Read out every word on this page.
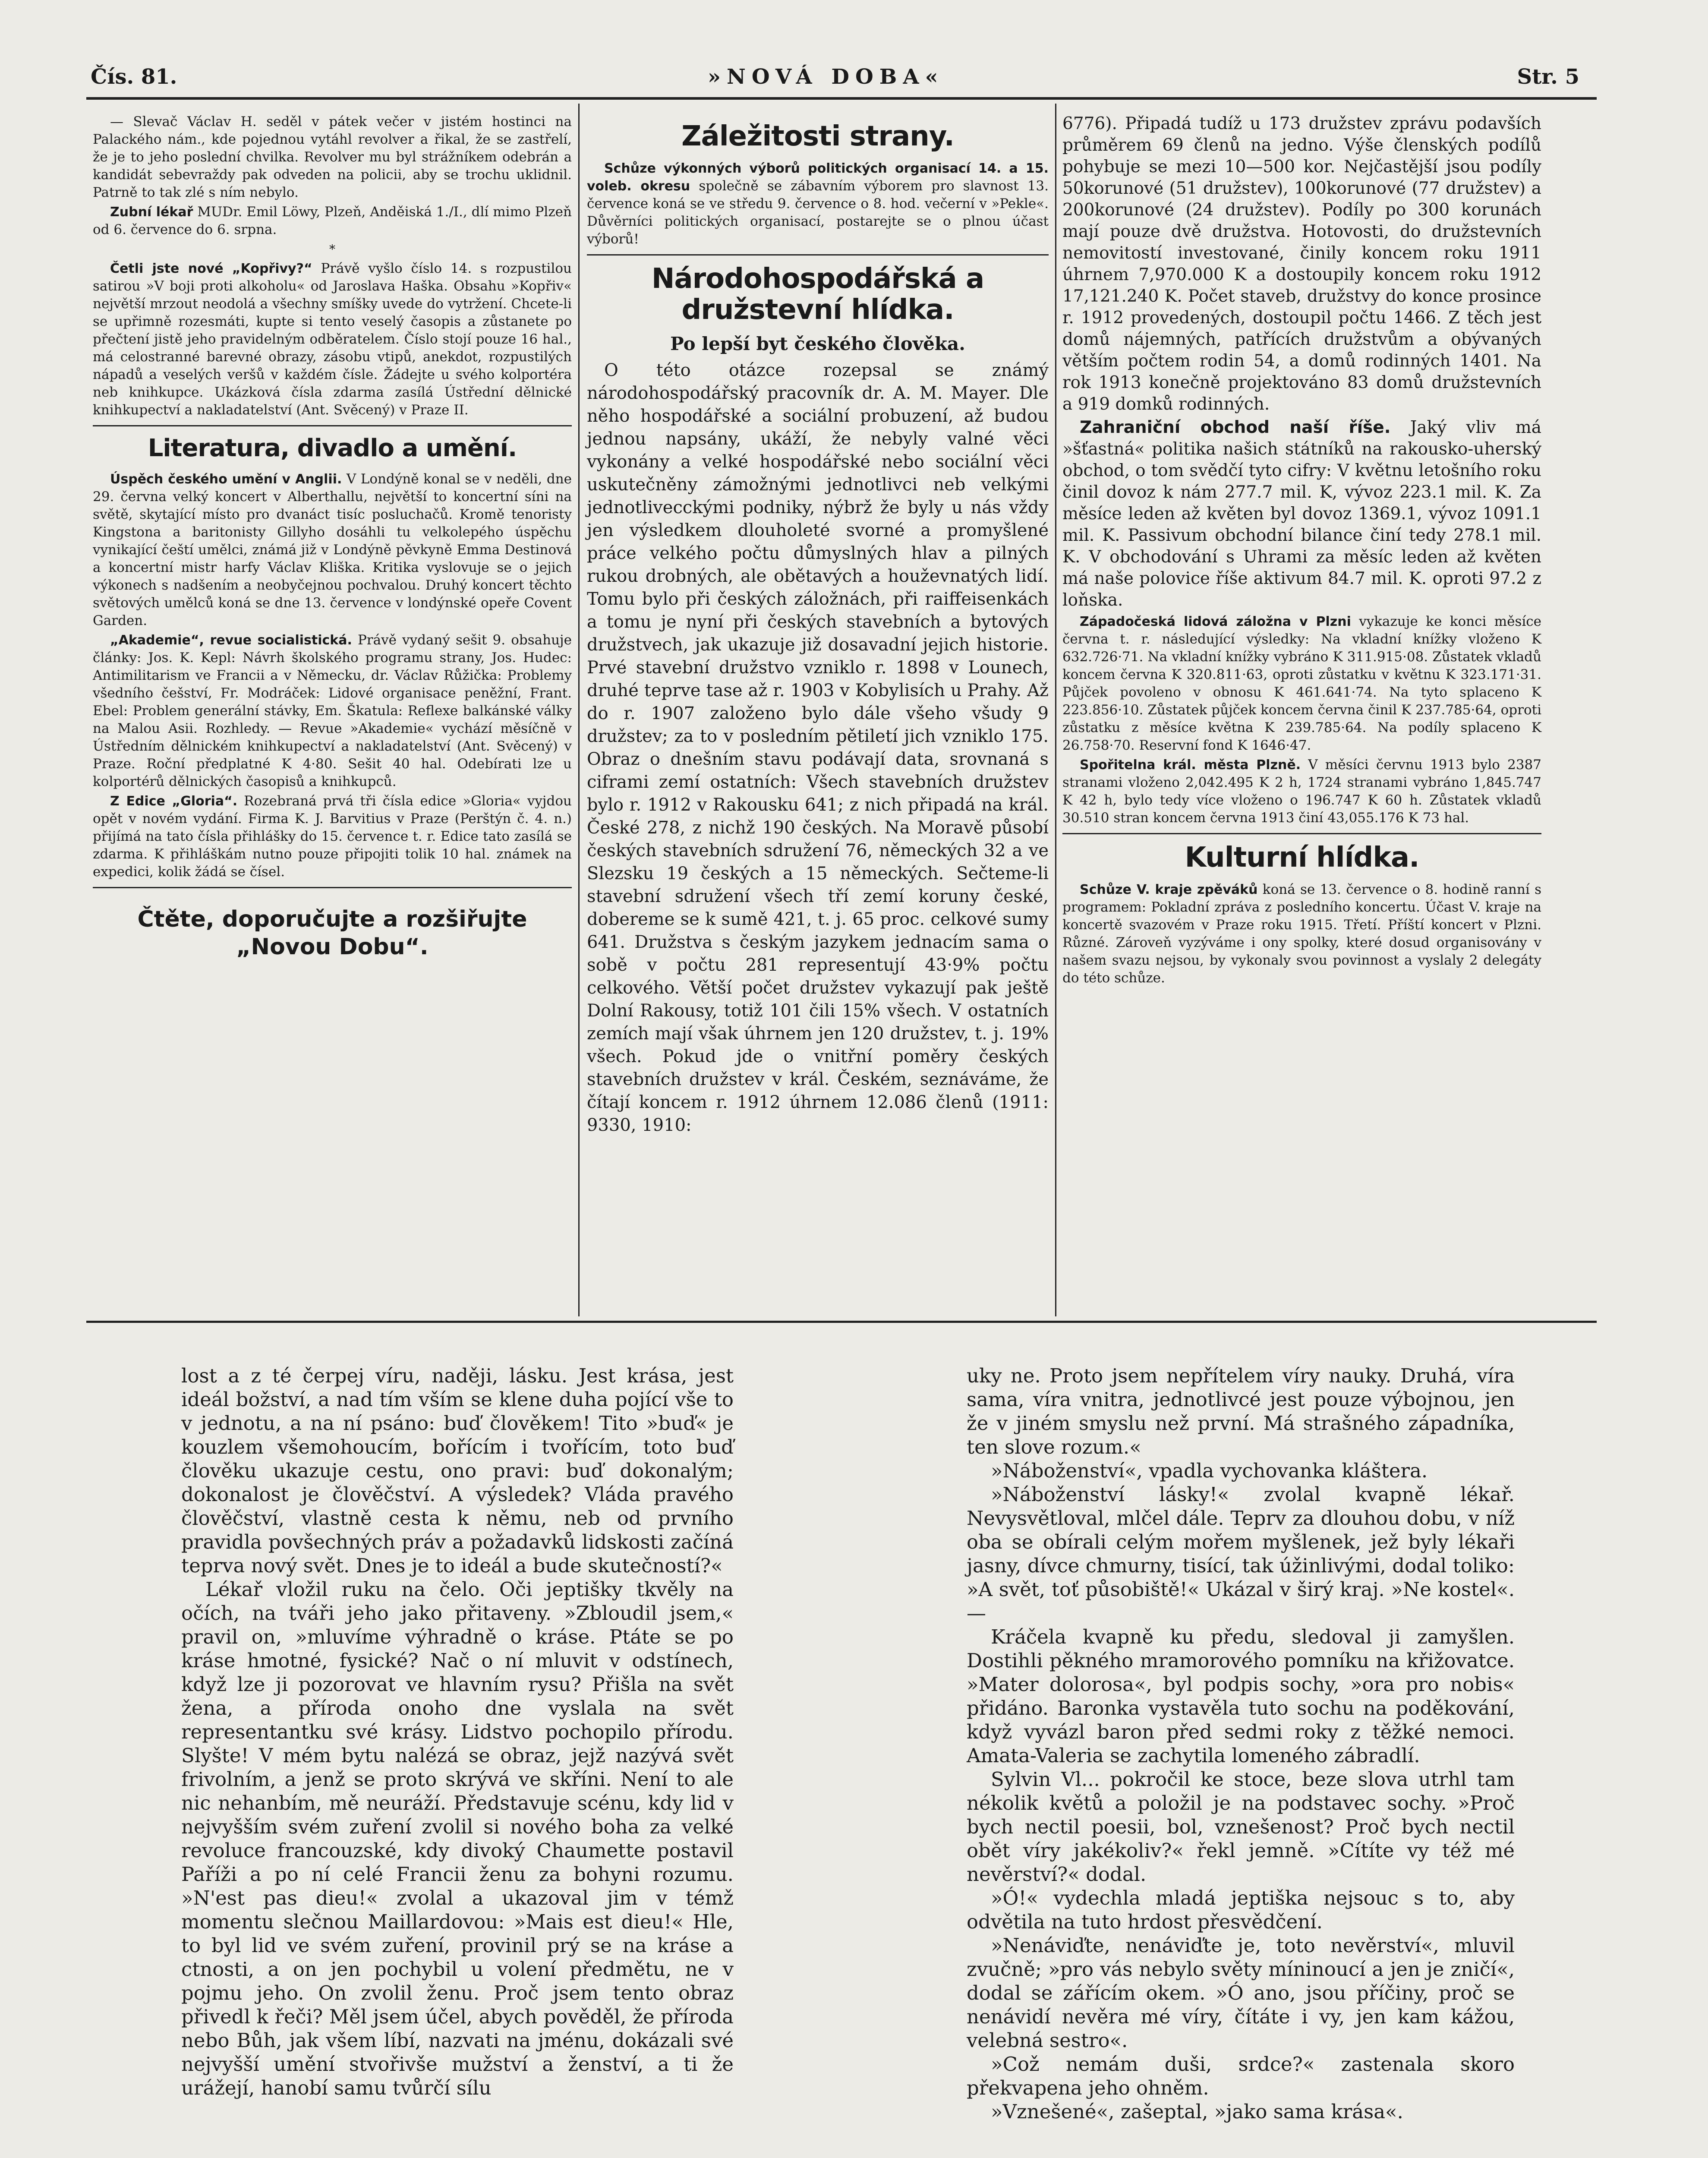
Čís. 81.	»NOVÁ DOBA«	Str. 5

— Slevač Václav H. seděl v pátek večer v jistém hostinci na Palackého nám., kde pojednou vytáhl revolver a řikal, že se zastřelí, že je to jeho poslední chvilka. Revolver mu byl strážníkem odebrán a kandidát sebevraždy pak odveden na policii, aby se trochu uklidnil. Patrně to tak zlé s ním nebylo.

Zubní lékař MUDr. Emil Löwy, Plzeň, Anděiská 1./I., dlí mimo Plzeň od 6. července do 6. srpna.

*

Četli jste nové „Kopřivy?“ Právě vyšlo číslo 14. s rozpustilou satirou »V boji proti alkoholu« od Jaroslava Haška. Obsahu »Kopřiv« největší mrzout neodolá a všechny smíšky uvede do vytržení. Chcete-li se upřimně rozesmáti, kupte si tento veselý časopis a zůstanete po přečtení jistě jeho pravidelným odběratelem. Číslo stojí pouze 16 hal., má celostranné barevné obrazy, zásobu vtipů, anekdot, rozpustilých nápadů a veselých veršů v každém čísle. Žádejte u svého kolportéra neb knihkupce. Ukázková čísla zdarma zasílá Ústřední dělnické knihkupectví a nakladatelství (Ant. Svěcený) v Praze II.

Literatura, divadlo a umění.

Úspěch českého umění v Anglii. V Londýně konal se v neděli, dne 29. června velký koncert v Alberthallu, největší to koncertní síni na světě, skytající místo pro dvanáct tisíc posluchačů. Kromě tenoristy Kingstona a baritonisty Gillyho dosáhli tu velkolepého úspěchu vynikající čeští umělci, známá již v Londýně pěvkyně Emma Destinová a koncertní mistr harfy Václav Kliška. Kritika vyslovuje se o jejich výkonech s nadšením a neobyčejnou pochvalou. Druhý koncert těchto světových umělců koná se dne 13. července v londýnské opeře Covent Garden.

„Akademie“, revue socialistická. Právě vydaný sešit 9. obsahuje články: Jos. K. Kepl: Návrh školského programu strany, Jos. Hudec: Antimilitarism ve Francii a v Německu, dr. Václav Růžička: Problemy všedního češství, Fr. Modráček: Lidové organisace peněžní, Frant. Ebel: Problem generální stávky, Em. Škatula: Reflexe balkánské války na Malou Asii. Rozhledy. — Revue »Akademie« vychází měsíčně v Ústředním dělnickém knihkupectví a nakladatelství (Ant. Svěcený) v Praze. Roční předplatné K 4·80. Sešit 40 hal. Odebírati lze u kolportérů dělnických časopisů a knihkupců.

Z Edice „Gloria“. Rozebraná prvá tři čísla edice »Gloria« vyjdou opět v novém vydání. Firma K. J. Barvitius v Praze (Perštýn č. 4. n.) přijímá na tato čísla přihlášky do 15. července t. r. Edice tato zasílá se zdarma. K přihláškám nutno pouze připojiti tolik 10 hal. známek na expedici, kolik žádá se čísel.

Čtěte, doporučujte a rozšiřujte „Novou Dobu“.
Záležitosti strany.

Schůze výkonných výborů politických organisací 14. a 15. voleb. okresu společně se zábavním výborem pro slavnost 13. července koná se ve středu 9. července o 8. hod. večerní v »Pekle«. Důvěrníci politických organisací, postarejte se o plnou účast výborů!

Národohospodářská a družstevní hlídka.
Po lepší byt českého člověka.

O této otázce rozepsal se známý národohospodářský pracovník dr. A. M. Mayer. Dle něho hospodářské a sociální probuzení, až budou jednou napsány, ukáží, že nebyly valné věci vykonány a velké hospodářské nebo sociální věci uskutečněny zámožnými jednotlivci neb velkými jednotlivecckými podniky, nýbrž že byly u nás vždy jen výsledkem dlouholeté svorné a promyšlené práce velkého počtu důmyslných hlav a pilných rukou drobných, ale obětavých a houževnatých lidí. Tomu bylo při českých záložnách, při raiffeisenkách a tomu je nyní při českých stavebních a bytových družstvech, jak ukazuje již dosavadní jejich historie. Prvé stavební družstvo vzniklo r. 1898 v Lounech, druhé teprve tase až r. 1903 v Kobylisích u Prahy. Až do r. 1907 založeno bylo dále všeho všudy 9 družstev; za to v posledním pětiletí jich vzniklo 175. Obraz o dnešním stavu podávají data, srovnaná s ciframi zemí ostatních: Všech stavebních družstev bylo r. 1912 v Rakousku 641; z nich připadá na král. České 278, z nichž 190 českých. Na Moravě působí českých stavebních sdružení 76, německých 32 a ve Slezsku 19 českých a 15 německých. Sečteme-li stavební sdružení všech tří zemí koruny české, dobereme se k sumě 421, t. j. 65 proc. celkové sumy 641. Družstva s českým jazykem jednacím sama o sobě v počtu 281 representují 43·9% počtu celkového. Větší počet družstev vykazují pak ještě Dolní Rakousy, totiž 101 čili 15% všech. V ostatních zemích mají však úhrnem jen 120 družstev, t. j. 19% všech. Pokud jde o vnitřní poměry českých stavebních družstev v král. Českém, seznáváme, že čítají koncem r. 1912 úhrnem 12.086 členů (1911: 9330, 1910:

6776). Připadá tudíž u 173 družstev zprávu podavších průměrem 69 členů na jedno. Výše členských podílů pohybuje se mezi 10—500 kor. Nejčastější jsou podíly 50korunové (51 družstev), 100korunové (77 družstev) a 200korunové (24 družstev). Podíly po 300 korunách mají pouze dvě družstva. Hotovosti, do družstevních nemovitostí investované, činily koncem roku 1911 úhrnem 7,970.000 K a dostoupily koncem roku 1912 17,121.240 K. Počet staveb, družstvy do konce prosince r. 1912 provedených, dostoupil počtu 1466. Z těch jest domů nájemných, patřících družstvům a obývaných větším počtem rodin 54, a domů rodinných 1401. Na rok 1913 konečně projektováno 83 domů družstevních a 919 domků rodinných.

Zahraniční obchod naší říše. Jaký vliv má »šťastná« politika našich státníků na rakousko-uherský obchod, o tom svědčí tyto cifry: V květnu letošního roku činil dovoz k nám 277.7 mil. K, vývoz 223.1 mil. K. Za měsíce leden až květen byl dovoz 1369.1, vývoz 1091.1 mil. K. Passivum obchodní bilance činí tedy 278.1 mil. K. V obchodování s Uhrami za měsíc leden až květen má naše polovice říše aktivum 84.7 mil. K. oproti 97.2 z loňska.

Západočeská lidová záložna v Plzni vykazuje ke konci měsíce června t. r. následující výsledky: Na vkladní knížky vloženo K 632.726·71. Na vkladní knížky vybráno K 311.915·08. Zůstatek vkladů koncem června K 320.811·63, oproti zůstatku v květnu K 323.171·31. Půjček povoleno v obnosu K 461.641·74. Na tyto splaceno K 223.856·10. Zůstatek půjček koncem června činil K 237.785·64, oproti zůstatku z měsíce května K 239.785·64. Na podíly splaceno K 26.758·70. Reservní fond K 1646·47.

Spořitelna král. města Plzně. V měsíci červnu 1913 bylo 2387 stranami vloženo 2,042.495 K 2 h, 1724 stranami vybráno 1,845.747 K 42 h, bylo tedy více vloženo o 196.747 K 60 h. Zůstatek vkladů 30.510 stran koncem června 1913 činí 43,055.176 K 73 hal.

Kulturní hlídka.

Schůze V. kraje zpěváků koná se 13. července o 8. hodině ranní s programem: Pokladní zpráva z posledního koncertu. Účast V. kraje na koncertě svazovém v Praze roku 1915. Třetí. Příští koncert v Plzni. Různé. Zároveň vyzýváme i ony spolky, které dosud organisovány v našem svazu nejsou, by vykonaly svou povinnost a vyslaly 2 delegáty do této schůze.

lost a z té čerpej víru, naději, lásku. Jest krása, jest ideál božství, a nad tím vším se klene duha pojící vše to v jednotu, a na ní psáno: buď člověkem! Tito »buď« je kouzlem všemohoucím, bořícím i tvořícím, toto buď člověku ukazuje cestu, ono pravi: buď dokonalým; dokonalost je člověčství. A výsledek? Vláda pravého člověčství, vlastně cesta k němu, neb od prvního pravidla povšechných práv a požadavků lidskosti začíná teprva nový svět. Dnes je to ideál a bude skutečností?«

Lékař vložil ruku na čelo. Oči jeptišky tkvěly na očích, na tváři jeho jako přitaveny. »Zbloudil jsem,« pravil on, »mluvíme výhradně o kráse. Ptáte se po kráse hmotné, fysické? Nač o ní mluvit v odstínech, když lze ji pozorovat ve hlavním rysu? Přišla na svět žena, a příroda onoho dne vyslala na svět representantku své krásy. Lidstvo pochopilo přírodu. Slyšte! V mém bytu nalézá se obraz, jejž nazývá svět frivolním, a jenž se proto skrývá ve skříni. Není to ale nic nehanbím, mě neuráží. Představuje scénu, kdy lid v nejvyšším svém zuření zvolil si nového boha za velké revoluce francouzské, kdy divoký Chaumette postavil Paříži a po ní celé Francii ženu za bohyni rozumu. »N'est pas dieu!« zvolal a ukazoval jim v témž momentu slečnou Maillardovou: »Mais est dieu!« Hle, to byl lid ve svém zuření, provinil prý se na kráse a ctnosti, a on jen pochybil u volení předmětu, ne v pojmu jeho. On zvolil ženu. Proč jsem tento obraz přivedl k řeči? Měl jsem účel, abych pověděl, že příroda nebo Bůh, jak všem líbí, nazvati na jménu, dokázali své nejvyšší umění stvořivše mužství a ženství, a ti že urážejí, hanobí samu tvůrčí sílu

uky ne. Proto jsem nepřítelem víry nauky. Druhá, víra sama, víra vnitra, jednotlivcé jest pouze výbojnou, jen že v jiném smyslu než první. Má strašného západníka, ten slove rozum.«

»Náboženství«, vpadla vychovanka kláštera.

»Náboženství lásky!« zvolal kvapně lékař. Nevysvětloval, mlčel dále. Teprv za dlouhou dobu, v níž oba se obírali celým mořem myšlenek, jež byly lékaři jasny, dívce chmurny, tisící, tak úžinlivými, dodal toliko: »A svět, toť působiště!« Ukázal v širý kraj. »Ne kostel«. —

Kráčela kvapně ku předu, sledoval ji zamyšlen. Dostihli pěkného mramorového pomníku na křižovatce. »Mater dolorosa«, byl podpis sochy, »ora pro nobis« přidáno. Baronka vystavěla tuto sochu na poděkování, když vyvázl baron před sedmi roky z těžké nemoci. Amata-Valeria se zachytila lomeného zábradlí.

Sylvin Vl... pokročil ke stoce, beze slova utrhl tam nékolik květů a položil je na podstavec sochy. »Proč bych nectil poesii, bol, vznešenost? Proč bych nectil obět víry jakékoliv?« řekl jemně. »Cítíte vy též mé nevěrství?« dodal.

»Ó!« vydechla mladá jeptiška nejsouc s to, aby odvětila na tuto hrdost přesvědčení.

»Nenáviďte, nenáviďte je, toto nevěrství«, mluvil zvučně; »pro vás nebylo světy míninoucí a jen je zničí«, dodal se zářícím okem. »Ó ano, jsou příčiny, proč se nenávidí nevěra mé víry, čítáte i vy, jen kam kážou, velebná sestro«.

»Což nemám duši, srdce?« zastenala skoro překvapena jeho ohněm.

»Vznešené«, zašeptal, »jako sama krása«.
